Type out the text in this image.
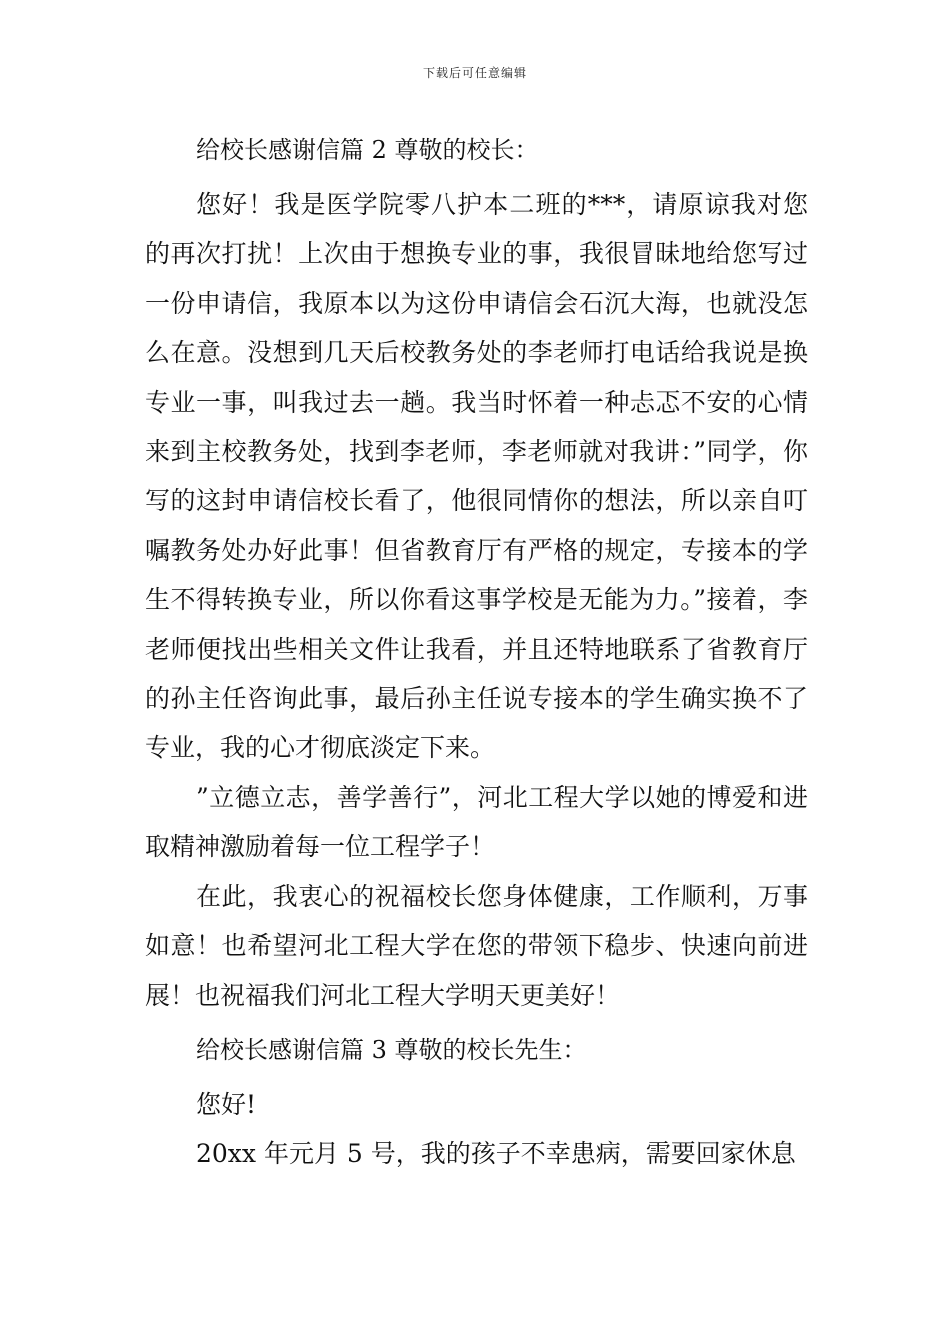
下载后可任意编辑

给校长感谢信篇 2 尊敬的校长：

您好！我是医学院零八护本二班的***，请原谅我对您的再次打扰！上次由于想换专业的事，我很冒昧地给您写过一份申请信，我原本以为这份申请信会石沉大海，也就没怎么在意。没想到几天后校教务处的李老师打电话给我说是换专业一事，叫我过去一趟。我当时怀着一种忐忑不安的心情来到主校教务处，找到李老师，李老师就对我讲：”同学，你写的这封申请信校长看了，他很同情你的想法，所以亲自叮嘱教务处办好此事！但省教育厅有严格的规定，专接本的学生不得转换专业，所以你看这事学校是无能为力。”接着，李老师便找出些相关文件让我看，并且还特地联系了省教育厅的孙主任咨询此事，最后孙主任说专接本的学生确实换不了专业，我的心才彻底淡定下来。

”立德立志，善学善行”，河北工程大学以她的博爱和进取精神激励着每一位工程学子！

在此，我衷心的祝福校长您身体健康，工作顺利，万事如意！也希望河北工程大学在您的带领下稳步、快速向前进展！也祝福我们河北工程大学明天更美好！

给校长感谢信篇 3 尊敬的校长先生：

您好!

20xx 年元月 5 号，我的孩子不幸患病，需要回家休息
